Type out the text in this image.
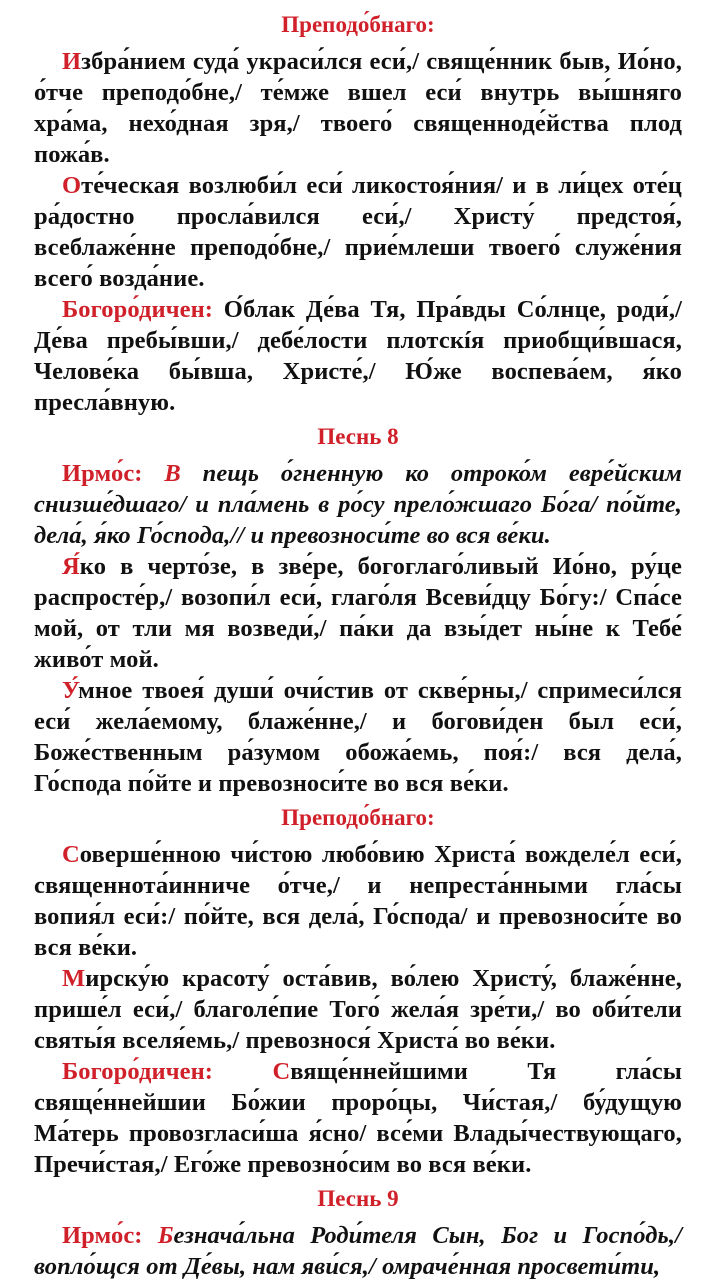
Преподо́бнаго:

Избра́нием суда́ украси́лся еси́,/ свяще́нник быв, Ио́но, о́тче преподо́бне,/ те́мже вшел еси́ внутрь вы́шняго хра́ма, нехо́дная зря,/ твоего́ священноде́йства плод пожа́в.

Оте́ческая возлюби́л еси́ ликостоя́ния/ и в ли́цех оте́ц ра́достно просла́вился еси́,/ Христу́ предстоя́, всеблаже́нне преподо́бне,/ прие́млеши твоего́ служе́ния всего́ возда́ние.

Богоро́дичен: О́блак Де́ва Тя, Пра́вды Со́лнце, роди́,/ Де́ва пребы́вши,/ дебе́лости плотскíя приобщи́вшася, Челове́ка бы́вша, Христе́,/ Ю́же воспева́ем, я́ко пресла́вную.

Песнь 8

Ирмо́с: В пещь о́гненную ко отроко́м евре́йским снизше́дшаго/ и пла́мень в ро́су прело́жшаго Бо́га/ по́йте, дела́, я́ко Го́спода,// и превозноси́те во вся ве́ки.

Я́ко в черто́зе, в зве́ре, богоглаго́ливый Ио́но, ру́це распросте́р,/ возопи́л еси́, глаго́ля Всеви́дцу Бо́гу:/ Спа́се мой, от тли мя возведи́,/ па́ки да взы́дет ны́не к Тебе́ живо́т мой.

У́мное твоея́ души́ очи́стив от скве́рны,/ спримеси́лся еси́ жела́емому, блаже́нне,/ и богови́ден был еси́, Боже́ственным ра́зумом обожа́емь, поя́:/ вся дела́, Го́спода по́йте и превозноси́те во вся ве́ки.

Преподо́бнаго:

Соверше́нною чи́стою любо́вию Христа́ вожделе́л еси́, священнота́инниче о́тче,/ и непреста́нными гла́сы вопия́л еси́:/ по́йте, вся дела́, Го́спода/ и превозноси́те во вся ве́ки.

Мирску́ю красоту́ оста́вив, во́лею Христу́, блаже́нне, прише́л еси́,/ благоле́пие Того́ жела́я зре́ти,/ во оби́тели святы́я вселя́емь,/ превознося́ Христа́ во ве́ки.

Богоро́дичен: Свяще́ннейшими Тя гла́сы свяще́ннейшии Бо́жии проро́цы, Чи́стая,/ бу́дущую Ма́терь провозгласи́ша я́сно/ все́ми Влады́чествующаго, Пречи́стая,/ Его́же превозно́сим во вся ве́ки.

Песнь 9

Ирмо́с: Безнача́льна Роди́теля Сын, Бог и Госпо́дь,/ вопло́щся от Де́вы, нам яви́ся,/ омраче́нная просвети́ти,
